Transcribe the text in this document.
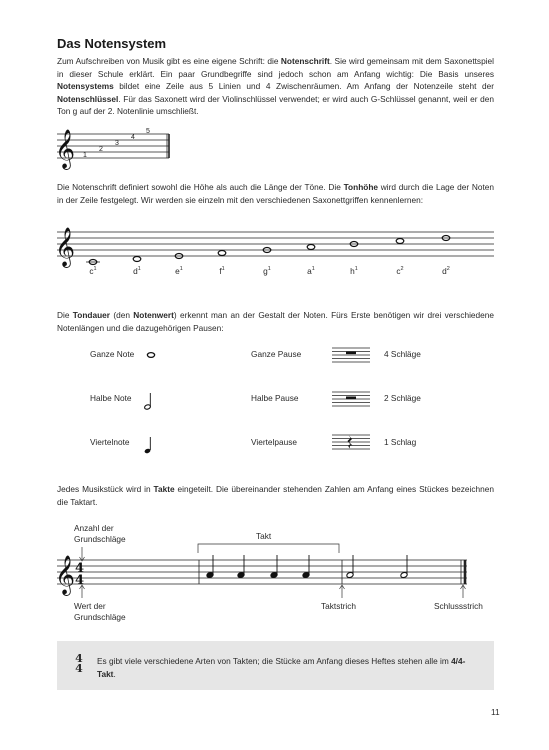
Das Notensystem

Zum Aufschreiben von Musik gibt es eine eigene Schrift: die Notenschrift. Sie wird gemeinsam mit dem Saxonettspiel in dieser Schule erklärt. Ein paar Grundbegriffe sind jedoch schon am Anfang wichtig: Die Basis unseres Notensystems bildet eine Zeile aus 5 Linien und 4 Zwischenräumen. Am Anfang der Notenzeile steht der Notenschlüssel. Für das Saxonett wird der Violinschlüssel verwendet; er wird auch G-Schlüssel genannt, weil er den Ton g auf der 2. Notenlinie umschließt.

𝄞 1
2
3
4
5

Die Notenschrift definiert sowohl die Höhe als auch die Länge der Töne. Die Tonhöhe wird durch die Lage der Noten in der Zeile festgelegt. Wir werden sie einzeln mit den verschiedenen Saxonettgriffen kennenlernen:

𝄞
$c^1$	$d^1$	$e^1$	$f^1$	$g^1$	$a^1$	$h^1$	$c^2$	$d^2$

Die Tondauer (den Notenwert) erkennt man an der Gestalt der Noten. Fürs Erste benötigen wir drei verschiedene Notenlängen und die dazugehörigen Pausen:

Ganze Note	Ganze Pause	4 Schläge
Halbe Note	Halbe Pause	2 Schläge
Viertelnote	Viertelpause	1 Schlag

Jedes Musikstück wird in Takte eingeteilt. Die übereinander stehenden Zahlen am Anfang eines Stückes bezeichnen die Taktart.

Anzahl der
Grundschläge
Wert der
Grundschläge
Takt
Taktstrich	Schlussstrich
𝄞 4
4
4
4
Es gibt viele verschiedene Arten von Takten; die Stücke am Anfang dieses Heftes stehen alle im 4/4-Takt.
11
